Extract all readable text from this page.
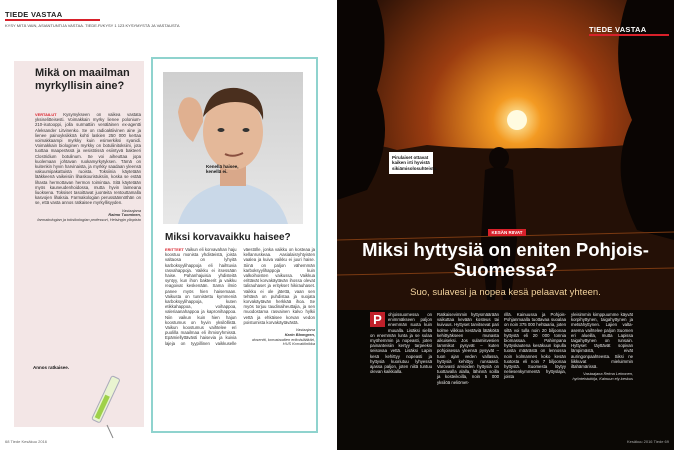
TIEDE VASTAA
KYSY MITÄ VAIN, ASIANTUNTIJA VASTAA. TIEDE.FI/KYSY 1 123 KYSYMYSTÄ JA VASTAUSTA
Mikä on maailman myrkyllisin aine?
VERTAILUT Kysymykseen on vaikea vastata yksiselitteisesti. Voimakkain myrky lienee polonium-210-isotooppi, jolla surmattiin venäläinen ex-agentti Aleksander Litvinenko. Se on radioaktiivinen aine ja lienee painoyksikköä kohti laskien 250 000 kertaa voimakkaampi myrkky kuin esimerkiksi syanidi. Voimakkain biologinen myrkky on botuliinitoksiini, jota tuottaa maaperässä ja vesistöissä esiintyvä bakteeri Clostridium botulinum. Se voi aiheuttaa jopa kuolemaan johtavan ruokamyrkytyksen. Tämä on kuitenkin hyvin harvinaista, ja myrkky saadaan yleensä vakuumipakattuista ruoista. Toksiinia käytetään lääkkeenä vaikeisiin lihaskouristuksiin, koska se estää lihasta hermottavan hermon toimintaa. Sitä käytetään myös kauneudenhoidossa, mutta hyvin laimeana liuoksena. Toksiset tasoittavat juonteita rentouttamalla kasvojen lihaksia. Farmakologian perussäännöthän on se, että vasta annos ratkaisee myrkyllisyyden.
Vastaajana
Raimo Tuominen,
farmakologian ja toksikologian professori, Helsingin yliopisto
Annos ratkaisee.
Kenellä haisee, kenellä ei.
Miksi korvavaikku haisee?
ERITTEET Vaikun eli korvavahan haju koostuu monista yhdisteistä, joista valtaosa on lyhyitä karboksyylihappoja eli haihtuvia rasvahappoja. Vaikku ei itsessään haise. Pahanhajuisia yhdisteitä syntyy, kun ihon bakteerit ja vaikku reagoivat keskenään. Sama ilmiö panee myös hien haisemaan. Vaikusta on tunnistettu kymmeniä karboksyylihappoja, kuten etikkahappoa, voihappoa, valeriaanahappoa ja kapronihappoa. Niin vaikun kuin hien hajun koostumus on hyvin yksilöllistä. Vaikun koostumus vaihtelee eri puolilla maailmaa eli ihmisryhmissä. Epämiellyttävästi haisevia ja kuivia lajeja on tyypillinen vaikkuselle väestölle, jonka vaikku on kosteaa ja kellanruskeaa. Aasialaisryhtyisten vaalea ja kuiva vaikku ei juuri haise. Siinä on paljon vähemmän karboksyylihappoja kuin valkoihoisten vaikussa. Vaikkua erittävät korvakäytävän ihossa olevat talirauhaset ja eritykset hikirauhaset. Vaikku ei ole jätettä, vaan sen tehtävä on puhdistaa ja suojata korvakäytävän herkkää ihoa. Se myös torjuu taudinaiheuttajia, ja sen muodostama rasvainen kalvo hylkii vettä ja ehkäisee korvan vedon poistumista korvakäytävästä.
Vastaajana
Karin Blomgren,
dosentti, korvataudien erikoislääkäri, HUS Korvaklinikka
68 Tiede Kesäkuu 2016
TIEDE VASTAA
Pirulaiset ottavat kaiken irti hyvistä sikiämisolosuhteista.
KESÄN RIIVAT
Miksi hyttysiä on eniten Pohjois-Suomessa?
Suo, sulavesi ja nopea kesä pelaavat yhteen.
P	ohjoissuomessa on enimmäkseen paljon enemmän suota kuin muualla. Lisäksi siellä on enemmän lunta ja se sulaa myöhemmin ja nopeasti, joten painanteisiin kertyy tarpeeksi seisovaa vettä. Lisäksi Lapin kesä kehittyy nopeasti ja hyttysiä kuoriutuu lyhyessä ajassa paljon, joten niitä tuntuu olevan kaikkialla.
Ratkaisevimmin hyttysmäärään vaikuttaa kevään kosteus tai kuivuus. Hyttyset tarvitsevat pari kolme viikkoa kestäviä lätäköitä kehittyäkseen munasta aikuiseksi. Jos sulamisvesien lammikot pysyvät – kuten pohjoisessa yleensä pysyvät – tuon ajan veden vallassa, hyttysiä kehittyy runsaasti. Varovasti arvioiden hyttysiä on tuottavalla alalla, lähinnä soilla ja kosteikoilla, noin 5 000 yksilöä neliömet-
rillä. Kainuussa ja Pohjois-Pohjanmaalla tuottavaa suoalaa on noin 375 000 hehtaaria, joten siltä voi tulla noin 20 biljoonaa hyttystä eli 20 000 tonnia biomassaa. Pahimpana hyttyskautena kesäkuun lopulla tuosta määrästä on lennossa noin kolmannes koko kesän tuotosta eli noin 7 biljoonaa hyttystä. Suomesta löytyy neliesenkymmentä hyttyslajia, joista
yleisimmin kimppuumme käyvät korpihyttynen, taigahyttynen ja metsähyttynen. Lajien valta-asema vaihtelee paljon Suomen eri alueilla, mutta Lapissa taigahyttynen on runsain. Hyttyset täyttävät sopivan lämpimästä, eivät auringonpaahteesta. Siksi ne liikkuvat mieluimmin iltahämärissä.
Vastaajana Reima Leinonen, hyönteistutkija, Kainuun ely-keskus
Kesäkuu 2016 Tiede 69
